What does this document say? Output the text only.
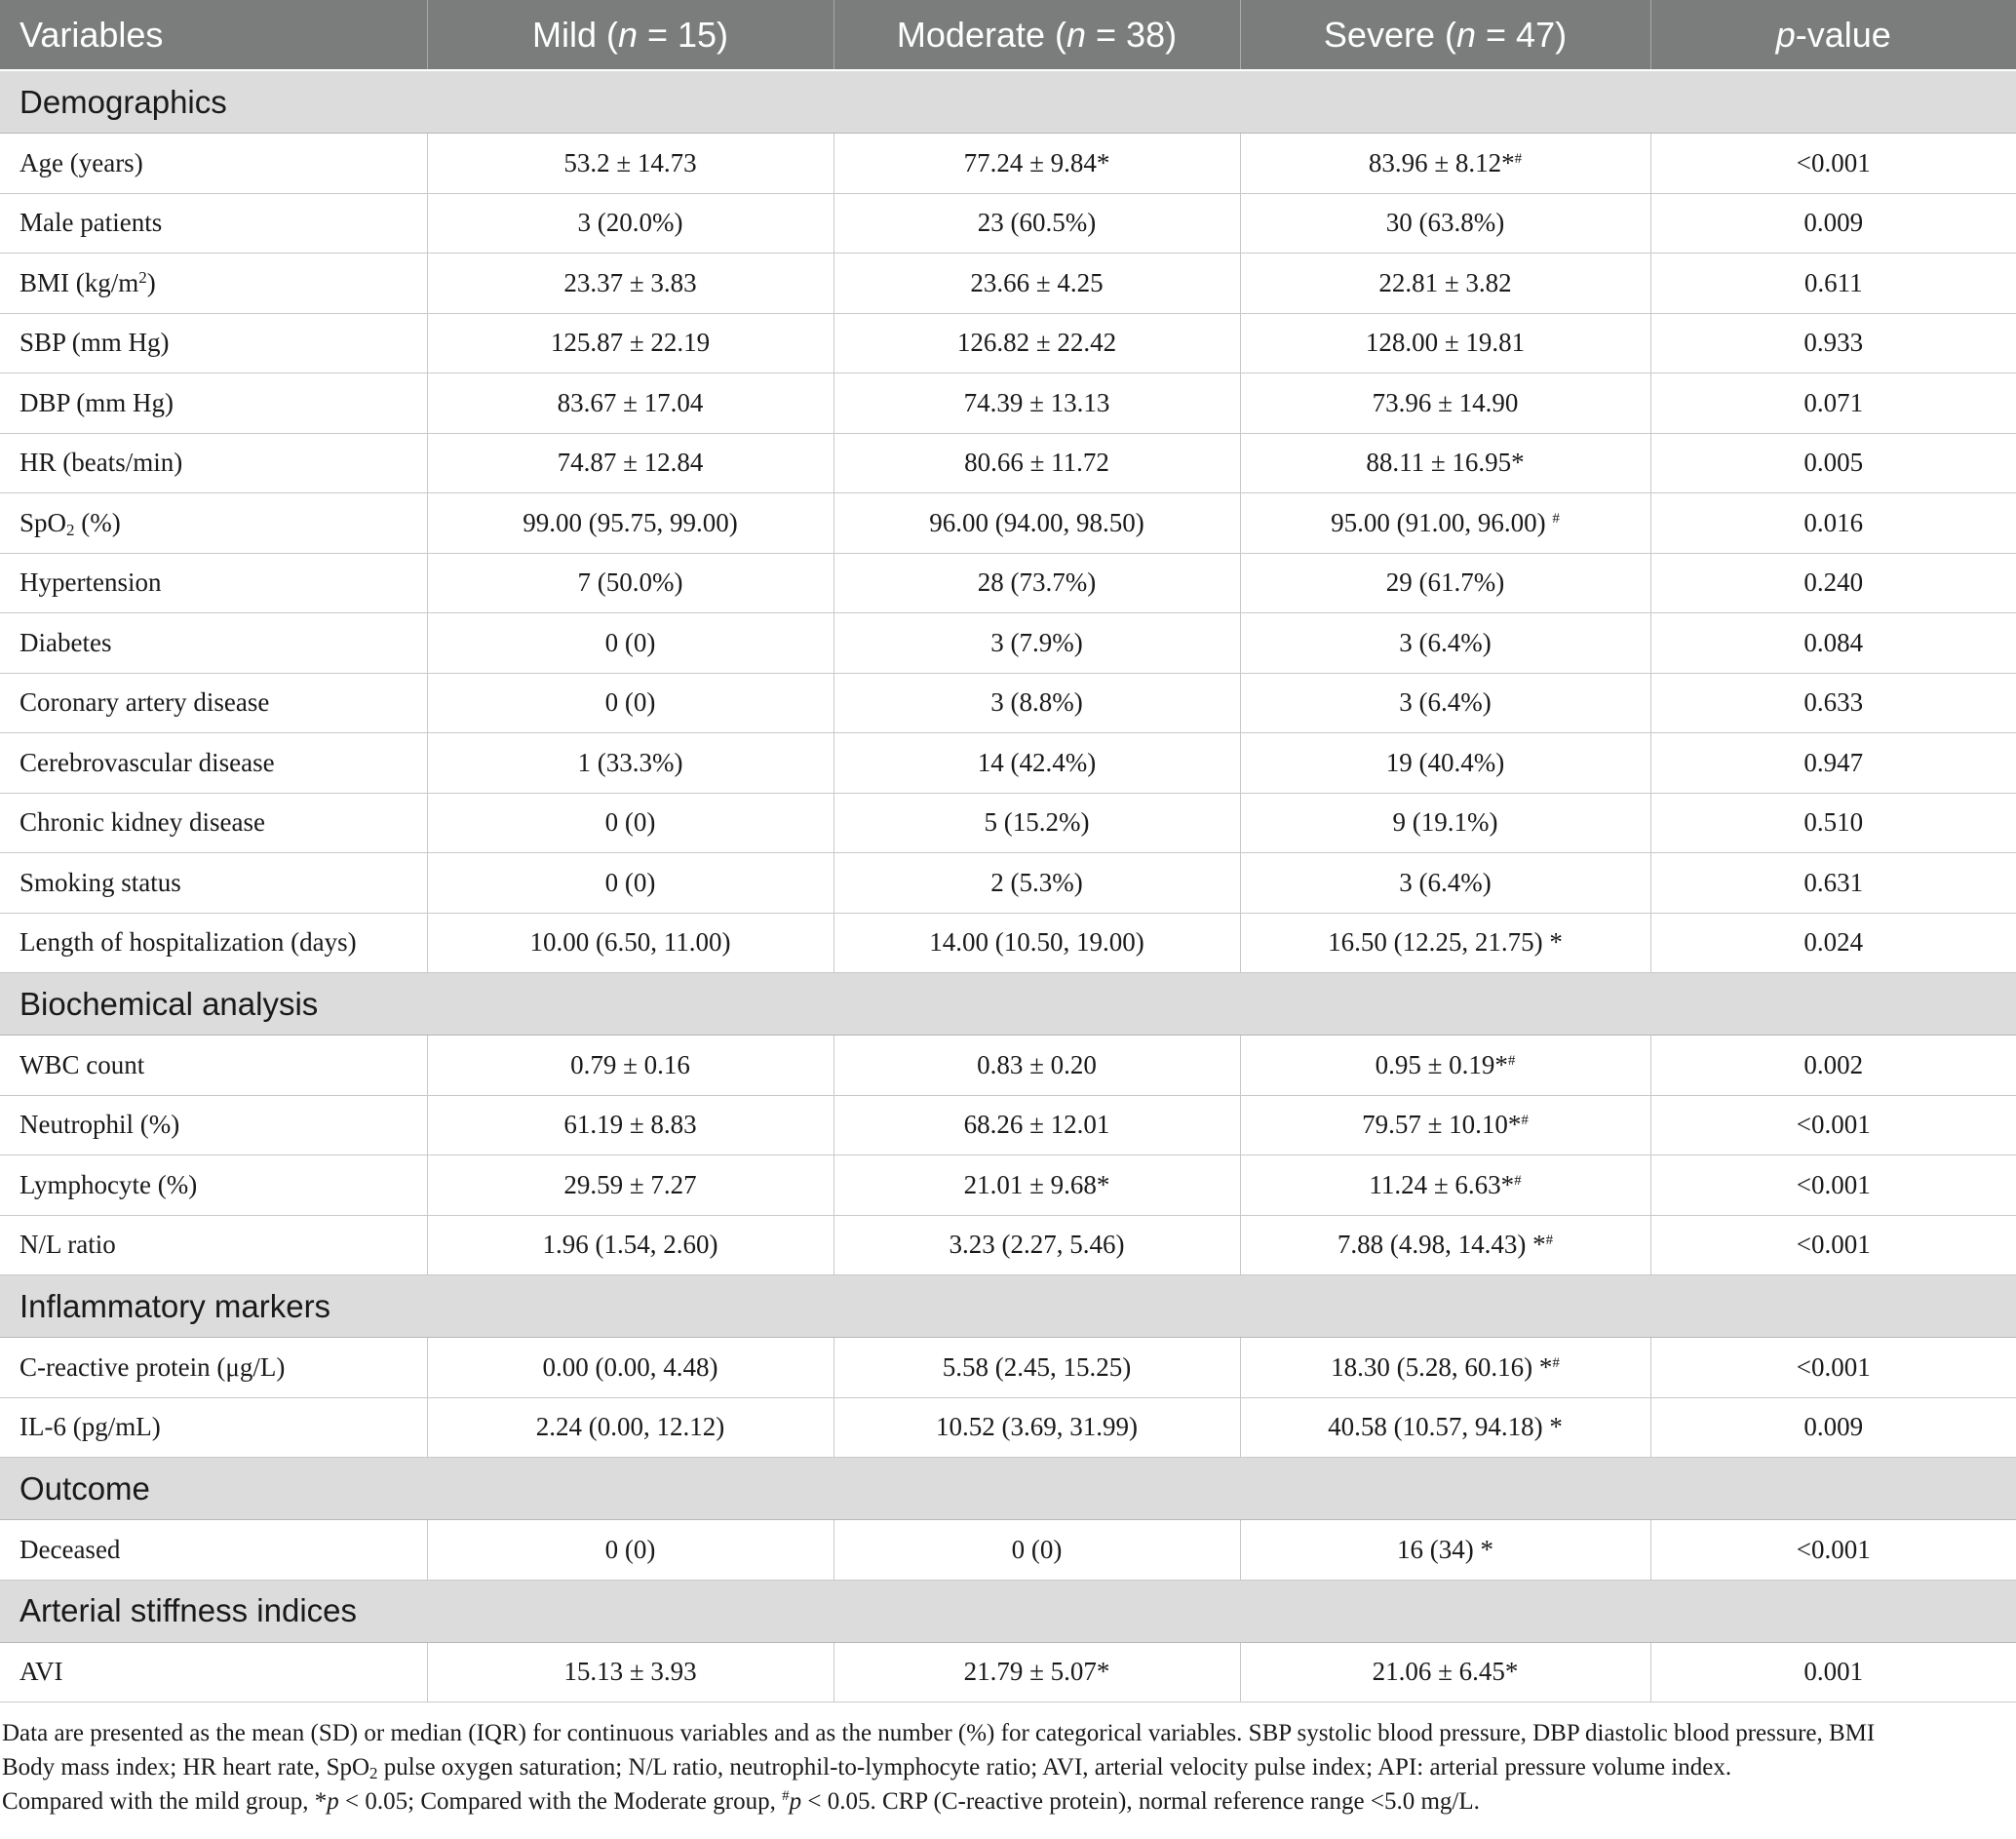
Variables	Mild (n = 15)	Moderate (n = 38)	Severe (n = 47)	p-value
Demographics				
Age (years)	53.2 ± 14.73	77.24 ± 9.84*	83.96 ± 8.12*#	<0.001
Male patients	3 (20.0%)	23 (60.5%)	30 (63.8%)	0.009
BMI $(kg/m^2)$	23.37 ± 3.83	23.66 ± 4.25	22.81 ± 3.82	0.611
SBP (mm Hg)	125.87 ± 22.19	126.82 ± 22.42	128.00 ± 19.81	0.933
DBP (mm Hg)	83.67 ± 17.04	74.39 ± 13.13	73.96 ± 14.90	0.071
HR (beats/min)	74.87 ± 12.84	80.66 ± 11.72	88.11 ± 16.95*	0.005
SpO$_2$ (%)	99.00 (95.75, 99.00)	96.00 (94.00, 98.50)	95.00 (91.00, 96.00) #	0.016
Hypertension	7 (50.0%)	28 (73.7%)	29 (61.7%)	0.240
Diabetes	0 (0)	3 (7.9%)	3 (6.4%)	0.084
Coronary artery disease	0 (0)	3 (8.8%)	3 (6.4%)	0.633
Cerebrovascular disease	1 (33.3%)	14 (42.4%)	19 (40.4%)	0.947
Chronic kidney disease	0 (0)	5 (15.2%)	9 (19.1%)	0.510
Smoking status	0 (0)	2 (5.3%)	3 (6.4%)	0.631
Length of hospitalization (days)	10.00 (6.50, 11.00)	14.00 (10.50, 19.00)	16.50 (12.25, 21.75) *	0.024
Biochemical analysis				
WBC count	0.79 ± 0.16	0.83 ± 0.20	0.95 ± 0.19*#	0.002
Neutrophil (%)	61.19 ± 8.83	68.26 ± 12.01	79.57 ± 10.10*#	<0.001
Lymphocyte (%)	29.59 ± 7.27	21.01 ± 9.68*	11.24 ± 6.63*#	<0.001
N/L ratio	1.96 (1.54, 2.60)	3.23 (2.27, 5.46)	7.88 (4.98, 14.43) *#	<0.001
Inflammatory markers				
C-reactive protein (μg/L)	0.00 (0.00, 4.48)	5.58 (2.45, 15.25)	18.30 (5.28, 60.16) *#	<0.001
IL-6 (pg/mL)	2.24 (0.00, 12.12)	10.52 (3.69, 31.99)	40.58 (10.57, 94.18) *	0.009
Outcome				
Deceased	0 (0)	0 (0)	16 (34) *	<0.001
Arterial stiffness indices				
AVI	15.13 ± 3.93	21.79 ± 5.07*	21.06 ± 6.45*	0.001
Data are presented as the mean (SD) or median (IQR) for continuous variables and as the number (%) for categorical variables. SBP systolic blood pressure, DBP diastolic blood pressure, BMI
Body mass index; HR heart rate, SpO$_2$ pulse oxygen saturation; N/L ratio, neutrophil-to-lymphocyte ratio; AVI, arterial velocity pulse index; API: arterial pressure volume index.
Compared with the mild group, *p < 0.05; Compared with the Moderate group, #p < 0.05. CRP (C-reactive protein), normal reference range <5.0 mg/L.
